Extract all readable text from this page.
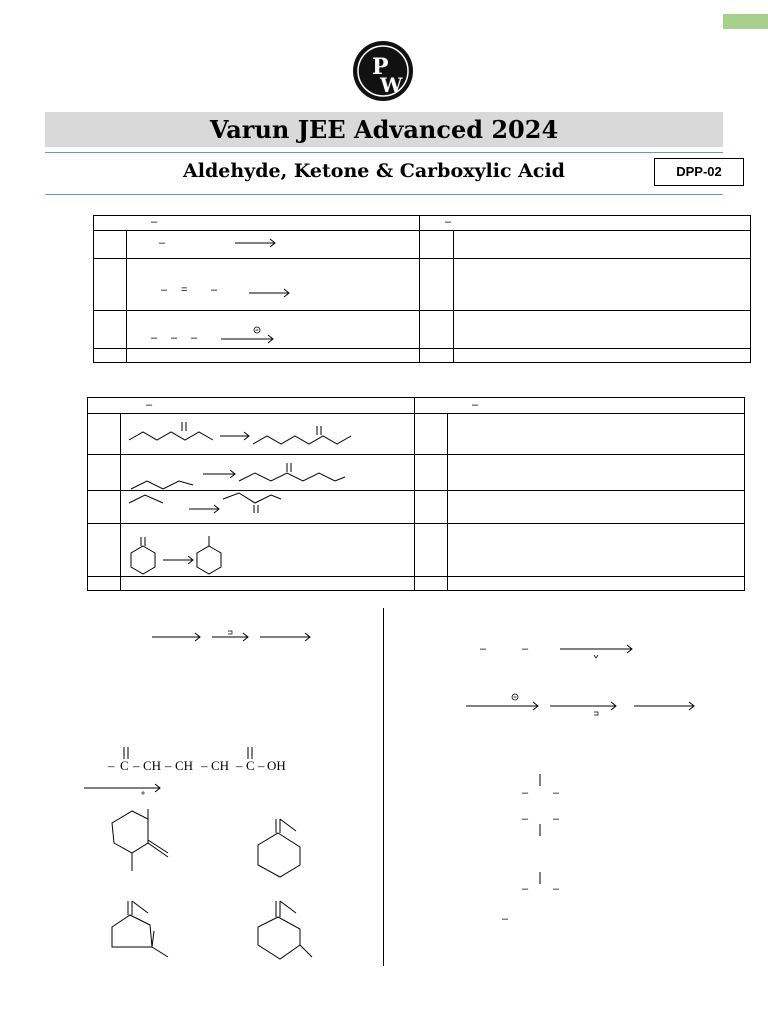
P
W
Varun JEE Advanced 2024
Aldehyde, Ketone & Carboxylic Acid	DPP-02
–		–	

	–		

	– = –		

	– – – →		

–		–	

– C – CH – CH – CH – C – OH
–	–
– –
– –
– –
–
